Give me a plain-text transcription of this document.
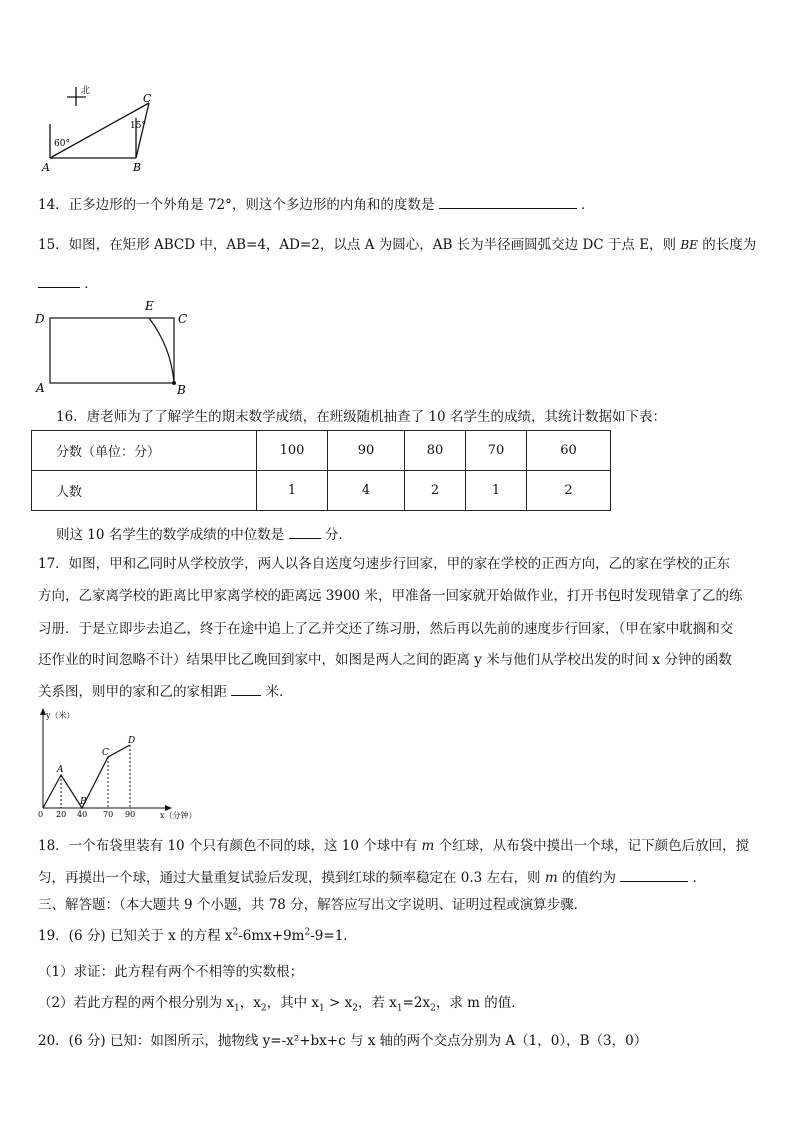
北
C
A	B
60°
15°
14．正多边形的一个外角是 72°，则这个多边形的内角和的度数是	．
15．如图，在矩形 ABCD 中，AB=4，AD=2，以点 A 为圆心，AB 长为半径画圆弧交边 DC 于点 E，则 BE 的长度为
．
D
E
C
A	B
16．唐老师为了了解学生的期末数学成绩，在班级随机抽查了 10 名学生的成绩，其统计数据如下表：
分数（单位：分）	100	90	80	70	60
人数	1	4	2	1	2
则这 10 名学生的数学成绩的中位数是	分．
17．如图，甲和乙同时从学校放学，两人以各自送度匀速步行回家，甲的家在学校的正西方向，乙的家在学校的正东
方向，乙家离学校的距离比甲家离学校的距离远 3900 米，甲准备一回家就开始做作业，打开书包时发现错拿了乙的练
习册．于是立即步去追乙，终于在途中追上了乙并交还了练习册，然后再以先前的速度步行回家，（甲在家中耽搁和交
还作业的时间忽略不计）结果甲比乙晚回到家中，如图是两人之间的距离 y 米与他们从学校出发的时间 x 分钟的函数
关系图，则甲的家和乙的家相距	米．
y（米）
x（分钟）
0
A
B
C
D
20 40 70 90
18．一个布袋里装有 10 个只有颜色不同的球，这 10 个球中有 m 个红球，从布袋中摸出一个球，记下颜色后放回，搅
匀，再摸出一个球，通过大量重复试验后发现，摸到红球的频率稳定在 0.3 左右，则 m 的值约为	．
三、解答题：（本大题共 9 个小题，共 78 分，解答应写出文字说明、证明过程或演算步骤．
19．(6 分) 已知关于 x 的方程 $x^2-6mx+9m^2-9=1$．
（1）求证：此方程有两个不相等的实数根；
（2）若此方程的两个根分别为 $x_1$，$x_2$，其中 $x_1 > x_2$，若 $x_1=2x_2$，求 m 的值．
20．(6 分) 已知：如图所示，抛物线 y=-x²+bx+c 与 x 轴的两个交点分别为 A（1，0），B（3，0）
